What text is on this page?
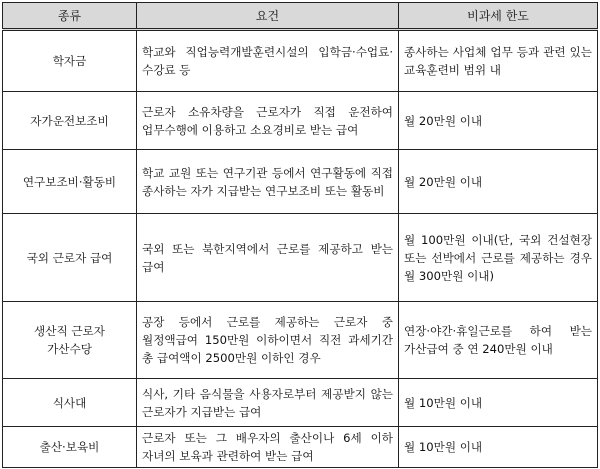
종류	요건	비과세 한도
학자금	학교와 직업능력개발훈련시설의 입학금·수업료·수강료 등	종사하는 사업체 업무 등과 관련 있는 교육훈련비 범위 내
자가운전보조비	근로자 소유차량을 근로자가 직접 운전하여 업무수행에 이용하고 소요경비로 받는 급여	월 20만원 이내
연구보조비·활동비	학교 교원 또는 연구기관 등에서 연구활동에 직접 종사하는 자가 지급받는 연구보조비 또는 활동비	월 20만원 이내
국외 근로자 급여	국외 또는 북한지역에서 근로를 제공하고 받는 급여	월 100만원 이내(단, 국외 건설현장 또는 선박에서 근로를 제공하는 경우 월 300만원 이내)

생산직 근로자
가산수당	공장 등에서 근로를 제공하는 근로자 중 월정액급여 150만원 이하이면서 직전 과세기간 총 급여액이 2500만원 이하인 경우	연장·야간·휴일근로를 하여 받는 가산급여 중 연 240만원 이내
식사대	식사, 기타 음식물을 사용자로부터 제공받지 않는 근로자가 지급받는 급여	월 10만원 이내
출산·보육비	근로자 또는 그 배우자의 출산이나 6세 이하 자녀의 보육과 관련하여 받는 급여	월 10만원 이내
